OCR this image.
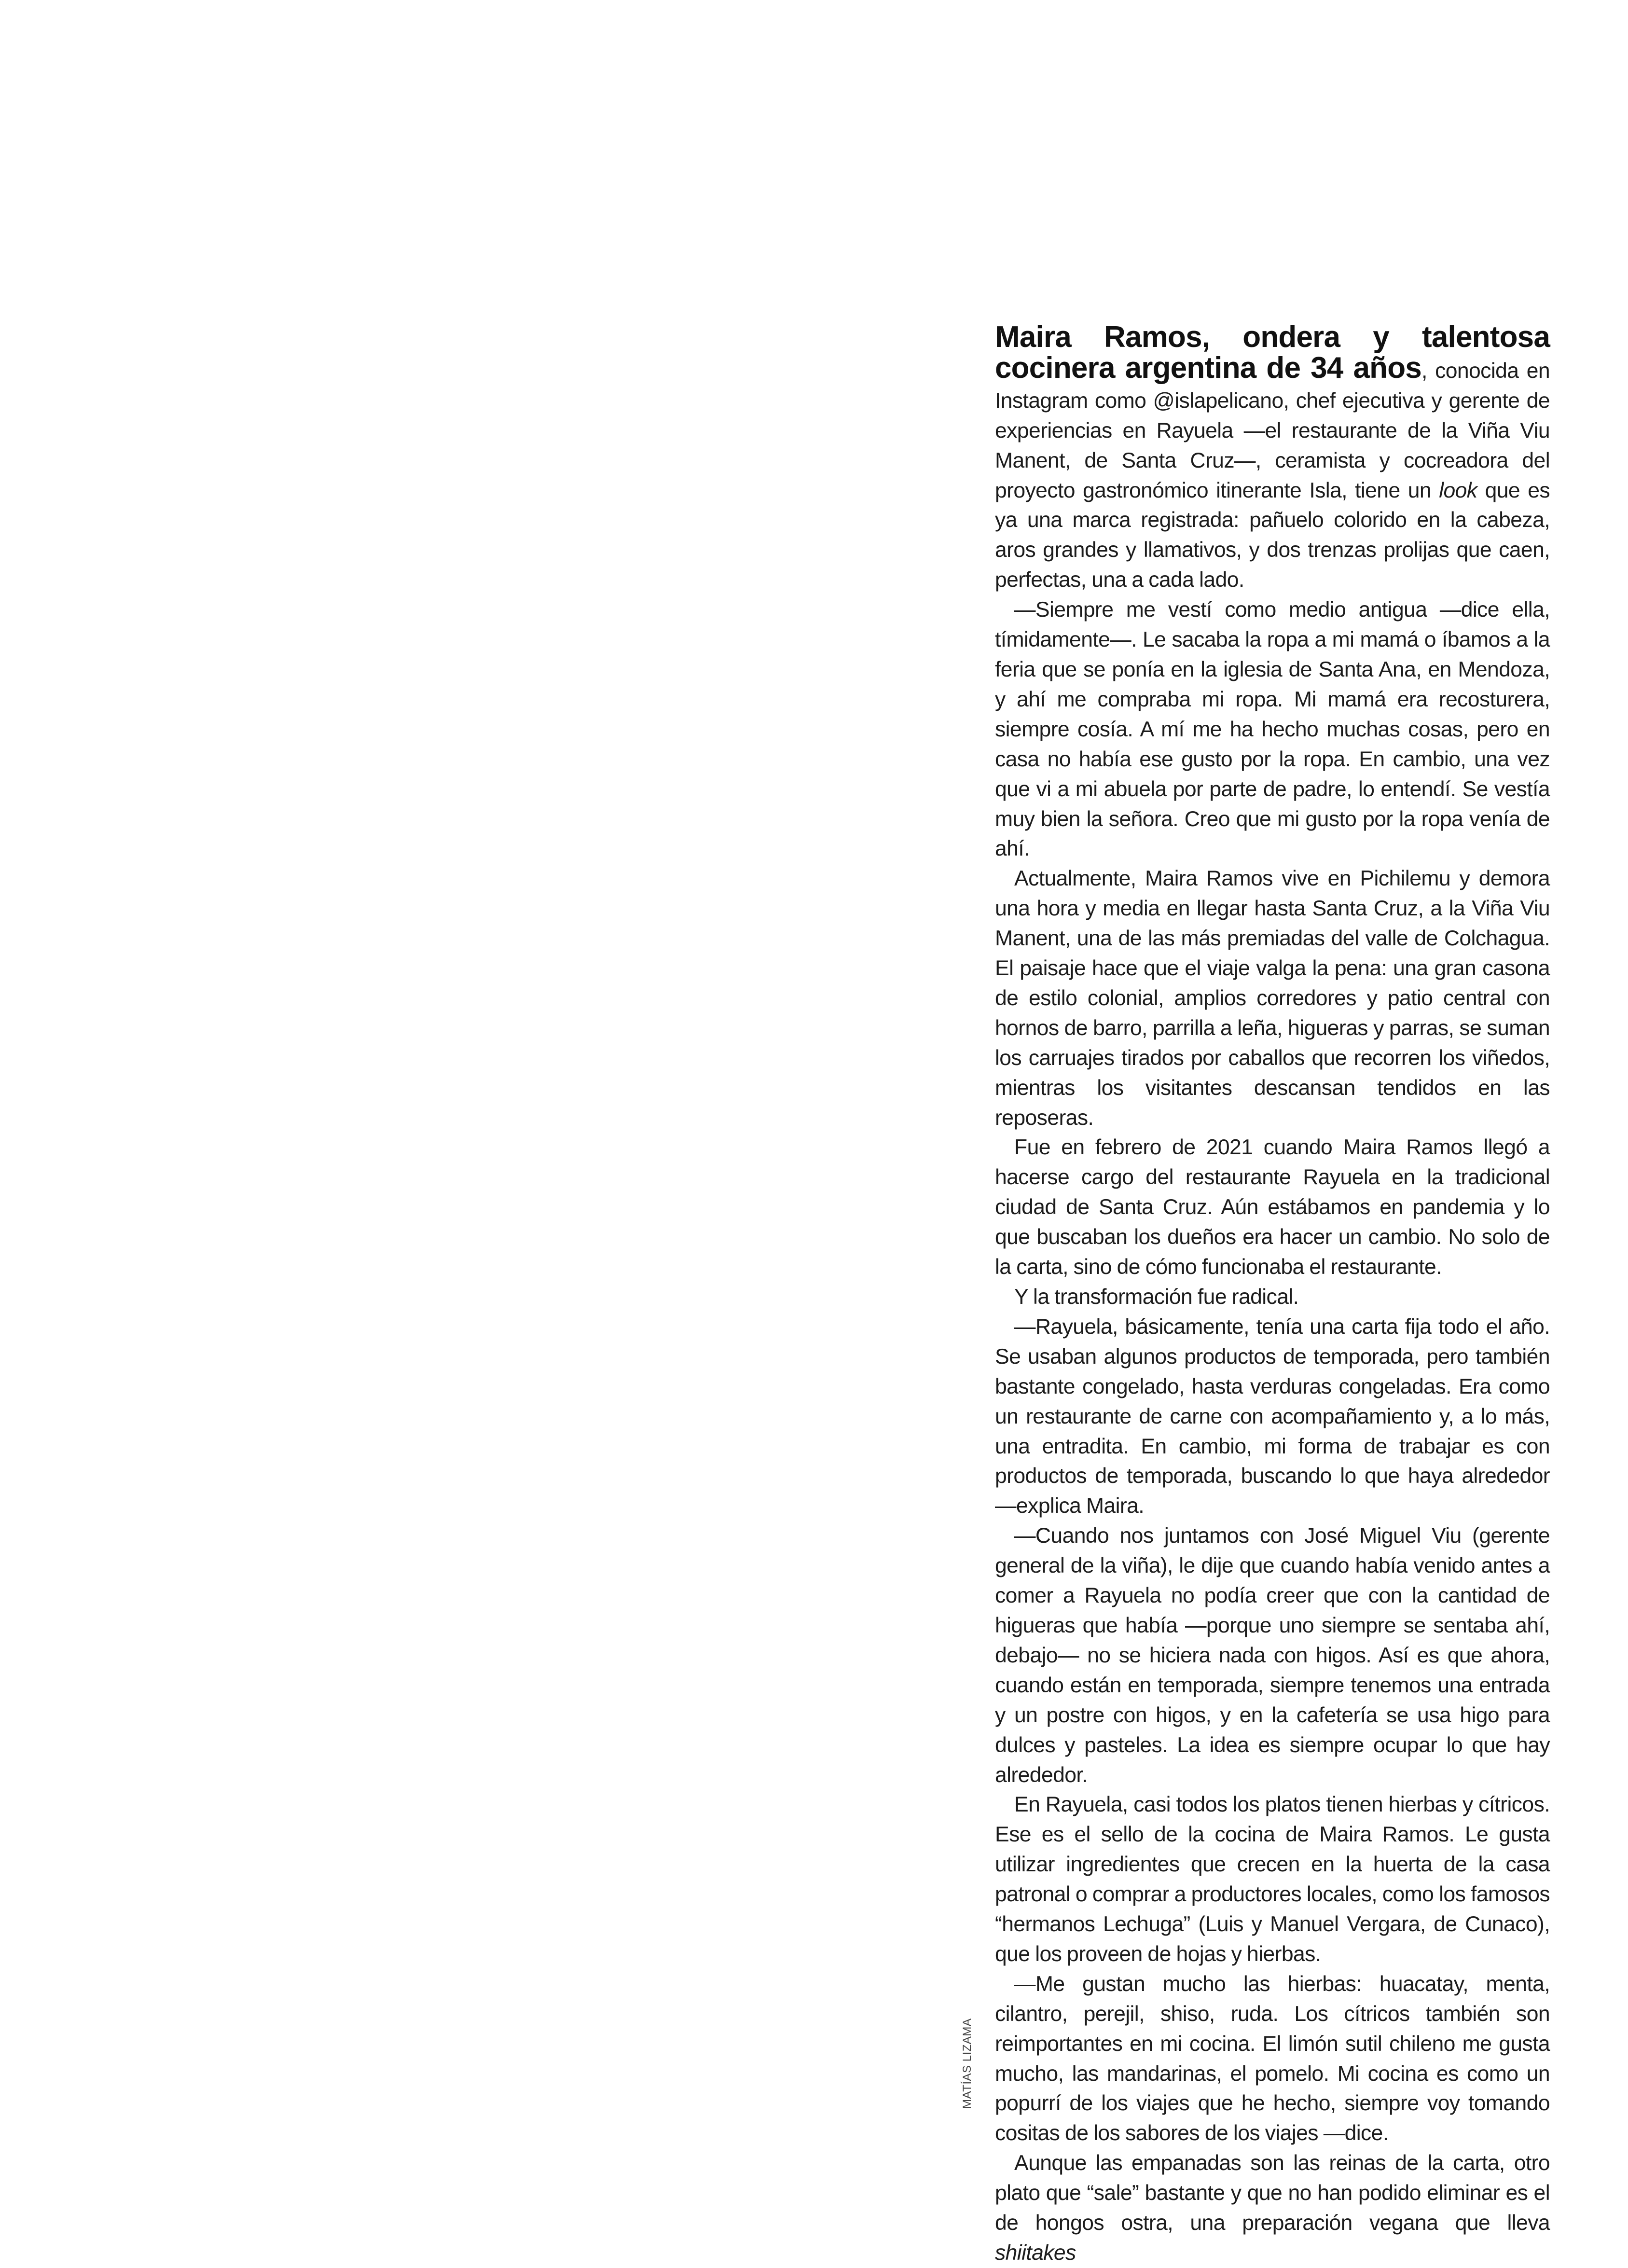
Maira Ramos, ondera y talentosa cocinera argentina de 34 años, conocida en Instagram como @islapelicano, chef ejecutiva y gerente de experiencias en Rayuela —el restaurante de la Viña Viu Manent, de Santa Cruz—, ceramista y cocreadora del proyecto gastronómico itinerante Isla, tiene un look que es ya una marca registrada: pañuelo colorido en la cabeza, aros grandes y llamativos, y dos trenzas prolijas que caen, perfectas, una a cada lado.

—Siempre me vestí como medio antigua —dice ella, tímidamente—. Le sacaba la ropa a mi mamá o íbamos a la feria que se ponía en la iglesia de Santa Ana, en Mendoza, y ahí me compraba mi ropa. Mi mamá era recosturera, siempre cosía. A mí me ha hecho muchas cosas, pero en casa no había ese gusto por la ropa. En cambio, una vez que vi a mi abuela por parte de padre, lo entendí. Se vestía muy bien la señora. Creo que mi gusto por la ropa venía de ahí.

Actualmente, Maira Ramos vive en Pichilemu y demora una hora y media en llegar hasta Santa Cruz, a la Viña Viu Manent, una de las más premiadas del valle de Colchagua. El paisaje hace que el viaje valga la pena: una gran casona de estilo colonial, amplios corredores y patio central con hornos de barro, parrilla a leña, higueras y parras, se suman los carruajes tirados por caballos que recorren los viñedos, mientras los visitantes descansan tendidos en las reposeras.

Fue en febrero de 2021 cuando Maira Ramos llegó a hacerse cargo del restaurante Rayuela en la tradicional ciudad de Santa Cruz. Aún estábamos en pandemia y lo que buscaban los dueños era hacer un cambio. No solo de la carta, sino de cómo funcionaba el restaurante.

Y la transformación fue radical.

—Rayuela, básicamente, tenía una carta fija todo el año. Se usaban algunos productos de temporada, pero también bastante congelado, hasta verduras congeladas. Era como un restaurante de carne con acompañamiento y, a lo más, una entradita. En cambio, mi forma de trabajar es con productos de temporada, buscando lo que haya alrededor —explica Maira.

—Cuando nos juntamos con José Miguel Viu (gerente general de la viña), le dije que cuando había venido antes a comer a Rayuela no podía creer que con la cantidad de higueras que había —porque uno siempre se sentaba ahí, debajo— no se hiciera nada con higos. Así es que ahora, cuando están en temporada, siempre tenemos una entrada y un postre con higos, y en la cafetería se usa higo para dulces y pasteles. La idea es siempre ocupar lo que hay alrededor.

En Rayuela, casi todos los platos tienen hierbas y cítricos. Ese es el sello de la cocina de Maira Ramos. Le gusta utilizar ingredientes que crecen en la huerta de la casa patronal o comprar a productores locales, como los famosos “hermanos Lechuga” (Luis y Manuel Vergara, de Cunaco), que los proveen de hojas y hierbas.

—Me gustan mucho las hierbas: huacatay, menta, cilantro, perejil, shiso, ruda. Los cítricos también son reimportantes en mi cocina. El limón sutil chileno me gusta mucho, las mandarinas, el pomelo. Mi cocina es como un popurrí de los viajes que he hecho, siempre voy tomando cositas de los sabores de los viajes —dice.

Aunque las empanadas son las reinas de la carta, otro plato que “sale” bastante y que no han podido eliminar es el de hongos ostra, una preparación vegana que lleva shiitakes

MATÍAS LIZAMA
